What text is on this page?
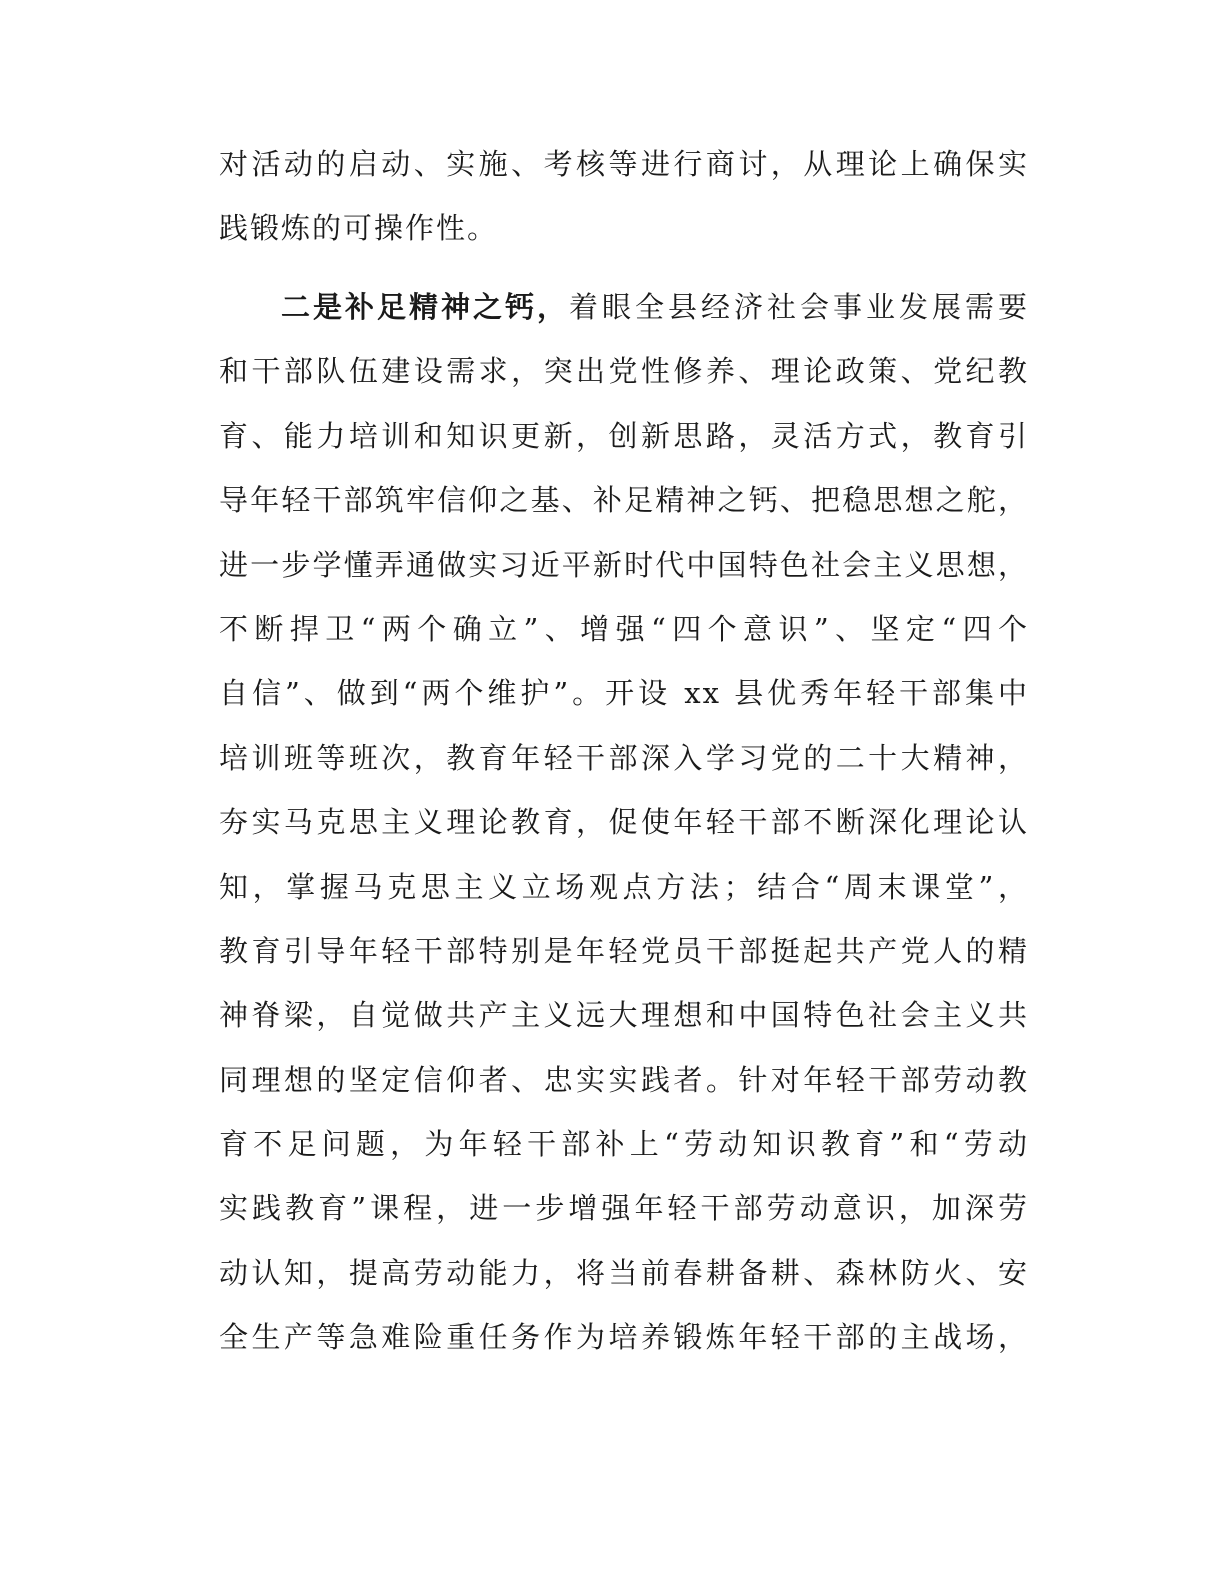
对活动的启动、实施、考核等进行商讨，从理论上确保实
践锻炼的可操作性。
二是补足精神之钙，着眼全县经济社会事业发展需要
和干部队伍建设需求，突出党性修养、理论政策、党纪教
育、能力培训和知识更新，创新思路，灵活方式，教育引
导年轻干部筑牢信仰之基、补足精神之钙、把稳思想之舵，
进一步学懂弄通做实习近平新时代中国特色社会主义思想，
不断捍卫“两个确立”、增强“四个意识”、坚定“四个
自信”、做到“两个维护”。开设 xx 县优秀年轻干部集中
培训班等班次，教育年轻干部深入学习党的二十大精神，
夯实马克思主义理论教育，促使年轻干部不断深化理论认
知，掌握马克思主义立场观点方法；结合“周末课堂”，
教育引导年轻干部特别是年轻党员干部挺起共产党人的精
神脊梁，自觉做共产主义远大理想和中国特色社会主义共
同理想的坚定信仰者、忠实实践者。针对年轻干部劳动教
育不足问题，为年轻干部补上“劳动知识教育”和“劳动
实践教育”课程，进一步增强年轻干部劳动意识，加深劳
动认知，提高劳动能力，将当前春耕备耕、森林防火、安
全生产等急难险重任务作为培养锻炼年轻干部的主战场，
